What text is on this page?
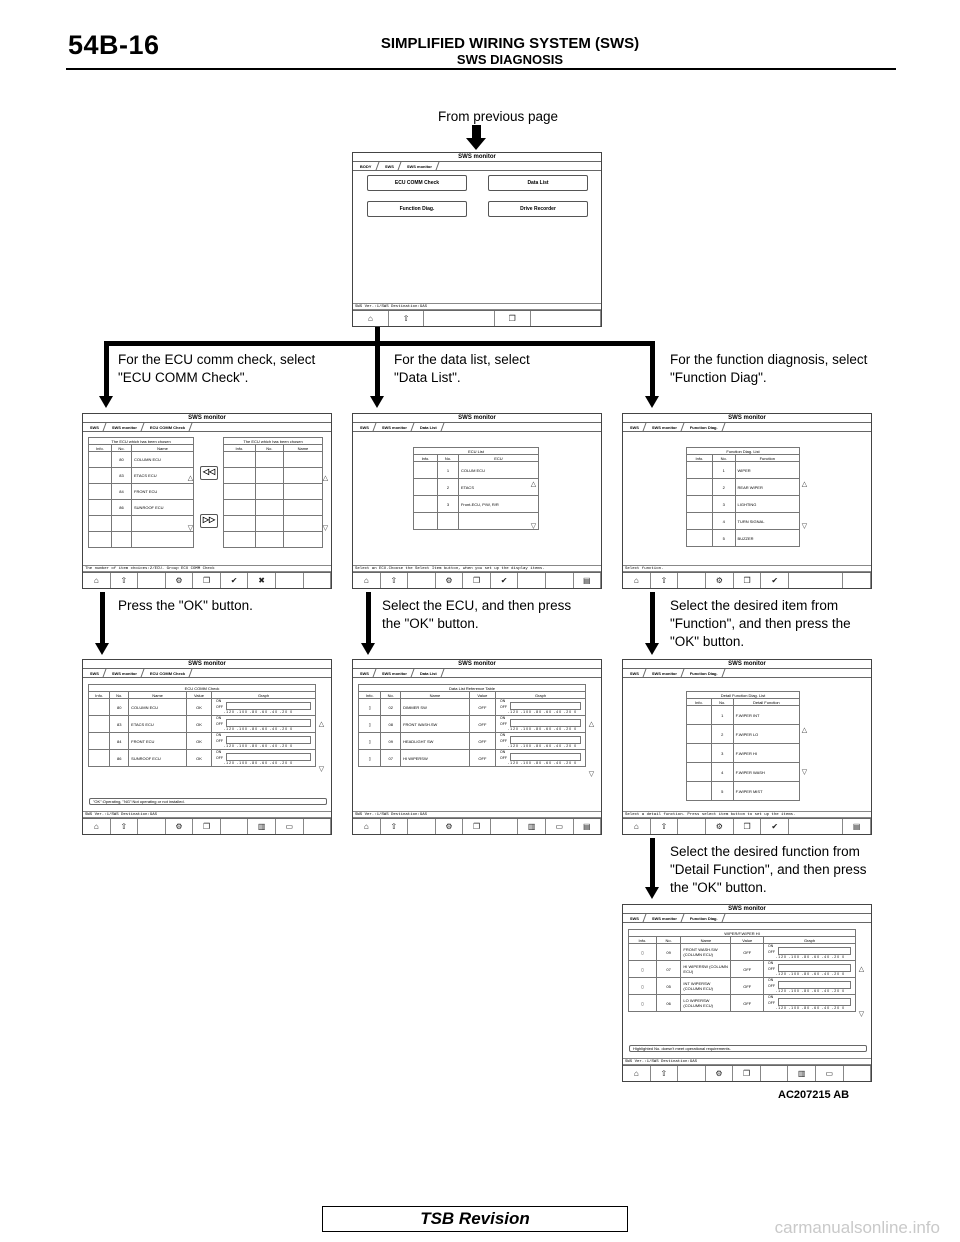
54B-16	SIMPLIFIED WIRING SYSTEM (SWS)
SWS DIAGNOSIS
From previous page
For the ECU comm check, select
"ECU COMM Check".
For the data list, select
"Data List".
For the function diagnosis, select
"Function Diag".
Press the "OK" button.	Select the ECU, and then press
the "OK" button.
Select the desired item from
"Function", and then press the
"OK" button.
Select the desired function from
"Detail Function", and then press
the "OK" button.
SWS monitor
BODY	SWS	SWS monitor
ECU COMM Check	Data List
Function Diag.	Drive Recorder
SWS Ver.:1/SWS Destination:GAS
⌂	⇧	❐
SWS monitor
SWS	SWS monitor	ECU COMM Check
The ECU which has been chosen		
Info.	No.	Name
	80	COLUMN ECU
	83	ETACS ECU
	84	FRONT ECU
	86	SUNROOF ECU

△
▽
◁◁
▷▷
The ECU which has been chosen		
Info.	No.	Name

△
▽
The number of item choices:2/ECU. Group ECU COMM Check
⌂	⇧	⚙	❐	✔	✖
SWS monitor
SWS	SWS monitor	Data List
ECU List		
Info.	No.	ECU
	1	COLUM ECU
	2	ETACS
	3	Front-ECU, P/W, R/R

△
▽
Select an ECU.Choose the Select Item button, when you set up the display items.
⌂	⇧	⚙	❐	✔	▤
SWS monitor
SWS	SWS monitor	Function Diag.
Function Diag. List		
Info.	No.	Function
	1	WIPER
	2	REAR WIPER
	3	LIGHTING
	4	TURN SIGNAL
	5	BUZZER
△
▽
Select function.
⌂	⇧	⚙	❐	✔
SWS monitor
SWS	SWS monitor	ECU COMM Check
ECU COMM Check				
Info.	No.	Name	Value	Graph
	80	COLUMN ECU	OK	ON
OFF
-120 -100 -80 -60 -40 -20 0

	83	ETACS ECU	OK	ON
OFF
-120 -100 -80 -60 -40 -20 0

	84	FRONT ECU	OK	ON
OFF
-120 -100 -80 -60 -40 -20 0

	86	SUNROOF ECU	OK	ON
OFF
-120 -100 -80 -60 -40 -20 0
△
▽
"OK":Operating, "NG":Not operating or not installed.
SWS Ver.:1/SWS Destination:GAS
⌂	⇧	⚙	❐	▥	▭
SWS monitor
SWS	SWS monitor	Data List
Data List Reference Table				
Info.	No.	Name	Value	Graph
▯	02	DIMMER SW	OFF	ON
OFF
-120 -100 -80 -60 -40 -20 0

▯	08	FRONT WASH.SW	OFF	ON
OFF
-120 -100 -80 -60 -40 -20 0

▯	09	HEADLIGHT SW	OFF	ON
OFF
-120 -100 -80 -60 -40 -20 0

▯	07	HI WIPERSW	OFF	ON
OFF
-120 -100 -80 -60 -40 -20 0
△
▽
SWS Ver.:1/SWS Destination:GAS
⌂	⇧	⚙	❐	▥	▭	▤
SWS monitor
SWS	SWS monitor	Function Diag.
Detail Function Diag. List		
Info.	No.	Detail Function
	1	F.WIPER INT
	2	F.WIPER LO
	3	F.WIPER HI
	4	F.WIPER WASH
	5	F.WIPER MIST
△
▽
Select a detail function. Press select item button to set up the items.
⌂	⇧	⚙	❐	✔	▤
SWS monitor
SWS	SWS monitor	Function Diag.
WIPER/F.WIPER HI				
Info.	No.	Name	Value	Graph
▯	09	FRONT WASH.SW (COLUMN ECU)	OFF	ON
OFF
-120 -100 -80 -60 -40 -20 0

▯	07	HI WIPERSW (COLUMN ECU)	OFF	ON
OFF
-120 -100 -80 -60 -40 -20 0

▯	05	INT WIPERSW (COLUMN ECU)	OFF	ON
OFF
-120 -100 -80 -60 -40 -20 0

▯	06	LO WIPERSW (COLUMN ECU)	OFF	ON
OFF
-120 -100 -80 -60 -40 -20 0
△
▽
Highlighted No. doesn't meet operational requirements.
SWS Ver.:1/SWS Destination:GAS
⌂	⇧	⚙	❐	▥	▭
AC207215 AB
TSB Revision	carmanualsonline.info
